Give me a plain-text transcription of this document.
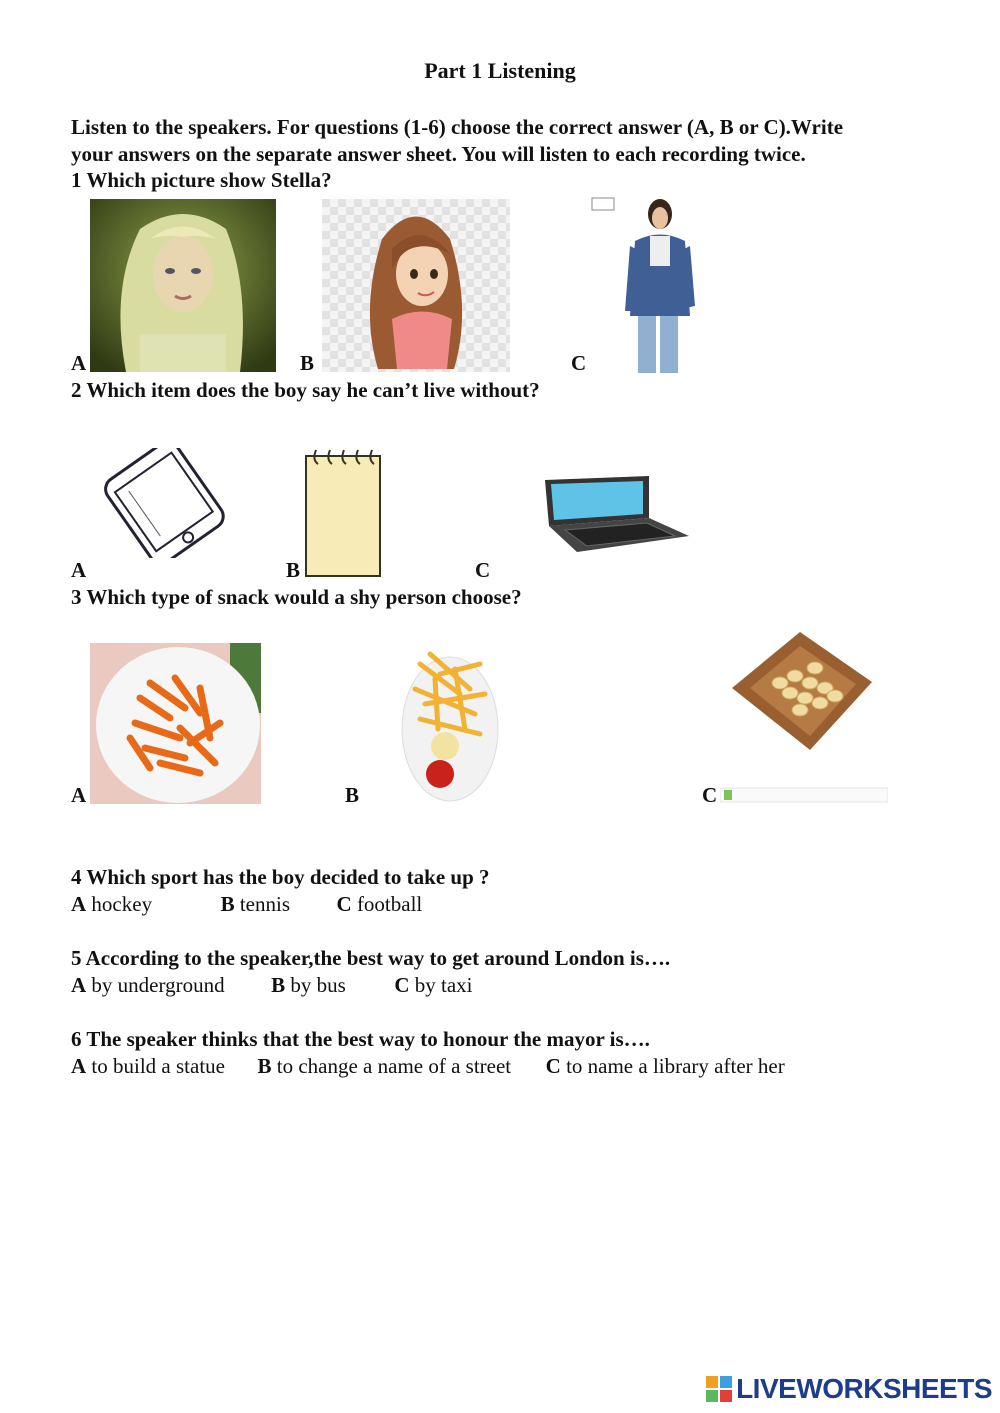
Part 1 Listening
Listen to the speakers. For questions (1-6) choose the correct answer (A, B or C).Write
your answers on the separate answer sheet. You will listen to each recording twice.
1 Which picture show Stella?
A	B	C
2 Which item does the boy say he can’t live without?
A	B	C
3 Which type of snack would a shy person choose?
A	B	C
4 Which sport has the boy decided to take up ?
A hockey	B tennis C football
5 According to the speaker,the best way to get around London is….
A by underground B by bus C by taxi
6 The speaker thinks that the best way to honour the mayor is….
A to build a statue B to change a name of a street C to name a library after her
LIVEWORKSHEETS
